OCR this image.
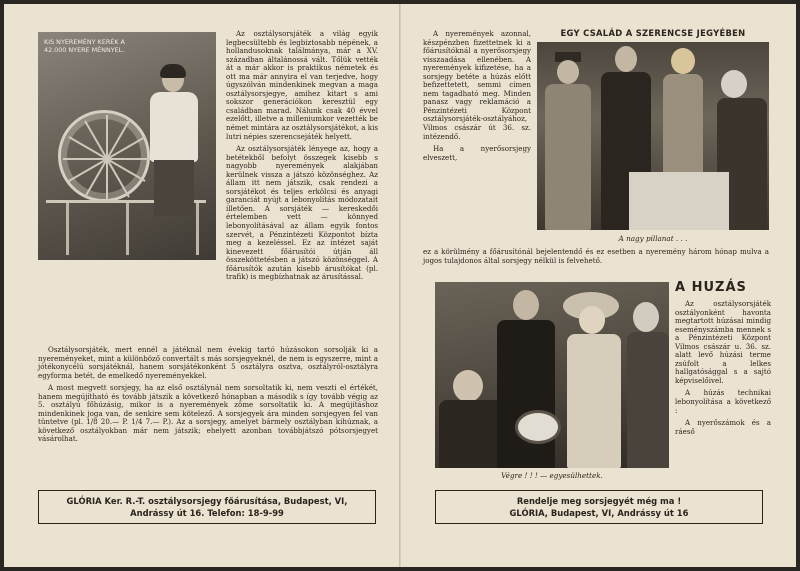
KIS NYEREMÉNY KERÉK A 42.000 NYERE MÉNNYEL.

Az osztálysorsjáték a világ egyik legbecsültebb és legbiztosabb népének, a hollandusoknak találmánya, már a XV. században általánossá vált. Tőlük vették át a már akkor is praktikus németek és ott ma már annyira el van terjedve, hogy úgyszólván mindenkinek megvan a maga osztálysorsjegye, amihez kitart s ami sokszor generációkon keresztül egy családban marad. Nálunk csak 40 évvel ezelőtt, illetve a milleniumkor vezették be német mintára az osztálysorsjátékot, a kis lutri népies szerencsejáték helyett.

Az osztálysorsjáték lényege az, hogy a betétekből befolyt összegek kisebb s nagyobb nyeremények alakjában kerülnek vissza a játszó közönséghez. Az állam itt nem játszik, csak rendezi a sorsjátékot és teljes erkölcsi és anyagi garanciát nyújt a lebonyolítás módozatait illetően. A sorsjáték — kereskedői értelemben vett — könnyed lebonyolításával az állam egyik fontos szervét, a Pénzintézeti Központot bízta meg a kezeléssel. Ez az intézet saját kinevezett főárusítói útján áll összeköttetésben a játszó közönséggel. A főárusítók azután kisebb árusítókat (pl. trafik) is megbízhatnak az árusítással.

Osztálysorsjáték, mert ennél a játéknál nem évekig tartó húzásokon sorsolják ki a nyereményeket, mint a különböző convertált s más sorsjegyeknél, de nem is egyszerre, mint a jótékonycélú sorsjátéknál, hanem sorsjátékonként 5 osztályra osztva, osztályról-osztályra egyforma betét, de emelkedő nyereményekkel.

A most megvett sorsjegy, ha az első osztálynál nem sorsoltatik ki, nem veszti el értékét, hanem megújítható és tovább játszik a következő hónapban a második s így tovább végig az 5. osztályú főhúzásig, mikor is a nyeremények zöme sorsoltatik ki. A megújításhoz mindenkinek joga van, de senkire sem kötelező. A sorsjegyek ára minden sorsjegyen fel van tüntetve (pl. 1/8 20.— P. 1/4 7.— P.). Az a sorsjegy, amelyet bármely osztályban kihúznak, a következő osztályokban már nem játszik; ehelyett azonban továbbjátszó pótsorsjegyet vásárolhat.

GLÓRIA Ker. R.-T. osztálysorsjegy főárusítása, Budapest, VI, Andrássy út 16. Telefon: 18-9-99

A nyeremények azonnal, készpénzben fizettetnek ki a főárusítóknál a nyerősorsjegy visszaadása ellenében. A nyeremények kifizetése, ha a sorsjegy betéte a húzás előtt befizettetett, semmi címen nem tagadható meg. Minden panasz vagy reklamáció a Pénzintézeti Központ osztálysorsjáték-osztályához, Vilmos császár út 36. sz. intézendő.

Ha a nyerősorsjegy elveszett,

EGY CSALÁD A SZERENCSE JEGYÉBEN
A nagy pillanat . . .

ez a körülmény a főárusítónál bejelentendő és ez esetben a nyeremény három hónap mulva a jogos tulajdonos által sorsjegy nélkül is felvehető.

Végre ! ! ! — egyesülhettek.
A HUZÁS

Az osztálysorsjáték osztályonként havonta megtartott húzásai mindig eseményszámba mennek s a Pénzintézeti Központ Vilmos császár u. 36. sz. alatt levő húzási terme zsúfolt a lelkes hallgatósággal s a sajtó képviselőivel.

A húzás technikai lebonyolítása a következő :

A nyerőszámok és a ráeső

Rendelje meg sorsjegyét még ma !
GLÓRIA, Budapest, VI, Andrássy út 16
